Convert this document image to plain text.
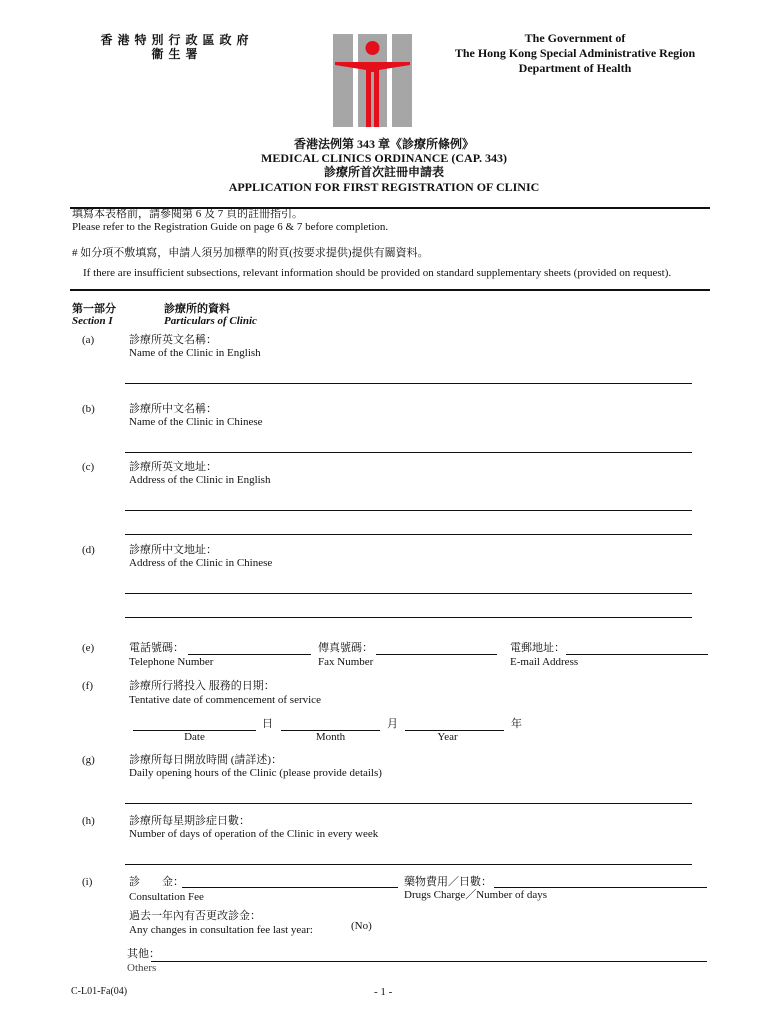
香 港 特 別 行 政 區 政 府
衞 生 署
The Government of
The Hong Kong Special Administrative Region
Department of Health
香港法例第 343 章《診療所條例》
MEDICAL CLINICS ORDINANCE (CAP. 343)
診療所首次註冊申請表
APPLICATION FOR FIRST REGISTRATION OF CLINIC
填寫本表格前，請參閱第 6 及 7 頁的註冊指引。
Please refer to the Registration Guide on page 6 & 7 before completion.
# 如分項不敷填寫，申請人須另加標準的附頁(按要求提供)提供有關資料。
If there are insufficient subsections, relevant information should be provided on standard supplementary sheets (provided on request).
第一部分
Section I
診療所的資料
Particulars of Clinic
(a)	診療所英文名稱：
Name of the Clinic in English
(b)	診療所中文名稱：
Name of the Clinic in Chinese
(c)	診療所英文地址：
Address of the Clinic in English
(d)	診療所中文地址：
Address of the Clinic in Chinese
(e)	電話號碼：
Telephone Number
傳真號碼：
Fax Number
電郵地址：
E-mail Address
(f)	診療所行將投入 服務的日期：
Tentative date of commencement of service
日
Date
月
Month
年
Year
(g)	診療所每日開放時間 (請詳述)：
Daily opening hours of the Clinic (please provide details)
(h)	診療所每星期診症日數：
Number of days of operation of the Clinic in every week
(i)	診　　金：
Consultation Fee
藥物費用／日數：
Drugs Charge／Number of days
過去一年內有否更改診金：
Any changes in consultation fee last year:	(No)
其他：
Others
C-L01-Fa(04)	- 1 -
